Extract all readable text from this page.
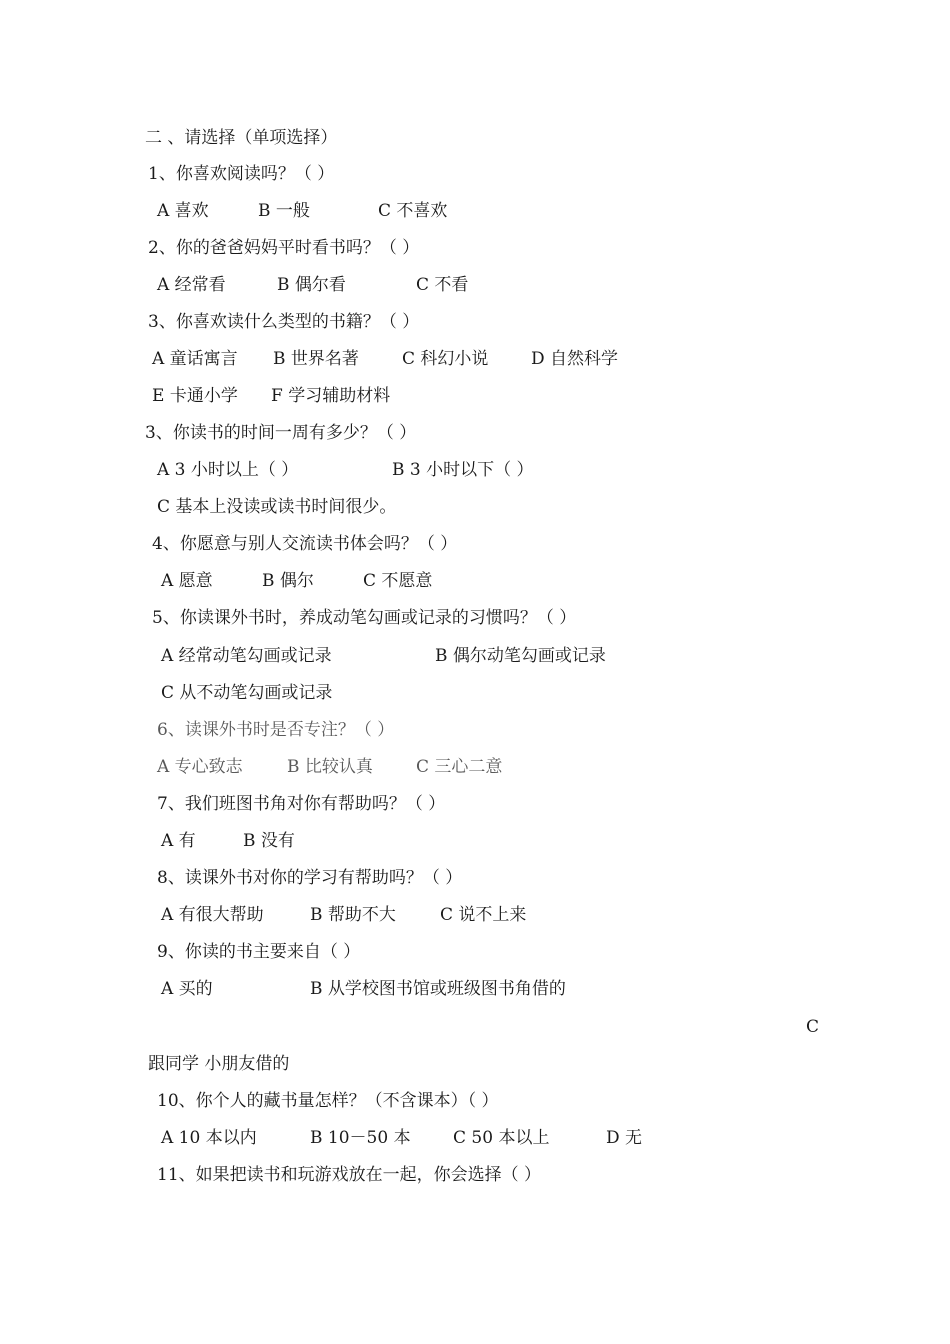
二 、请选择（单项选择）
1、你喜欢阅读吗？（ ）
A 喜欢	B 一般	C 不喜欢
2、你的爸爸妈妈平时看书吗？（ ）
A 经常看	B 偶尔看	C 不看
3、你喜欢读什么类型的书籍？（ ）
A 童话寓言 B 世界名著	C 科幻小说	D 自然科学
E 卡通小学 F 学习辅助材料
3、你读书的时间一周有多少？（ ）
A 3 小时以上（ ）	B 3 小时以下（ ）
C 基本上没读或读书时间很少。
4、你愿意与别人交流读书体会吗？（ ）
A 愿意	B 偶尔	C 不愿意
5、你读课外书时，养成动笔勾画或记录的习惯吗？（ ）
A 经常动笔勾画或记录	B 偶尔动笔勾画或记录
C 从不动笔勾画或记录
6、读课外书时是否专注？（ ）
A 专心致志	B 比较认真	C 三心二意
7、我们班图书角对你有帮助吗？（ ）
A 有	B 没有
8、读课外书对你的学习有帮助吗？（ ）
A 有很大帮助	B 帮助不大	C 说不上来
9、你读的书主要来自（ ）
A 买的	B 从学校图书馆或班级图书角借的
C
跟同学 小朋友借的
10、你个人的藏书量怎样？（不含课本）（ ）
A 10 本以内	B 10－50 本 C 50 本以上	D 无
11、如果把读书和玩游戏放在一起，你会选择（ ）
